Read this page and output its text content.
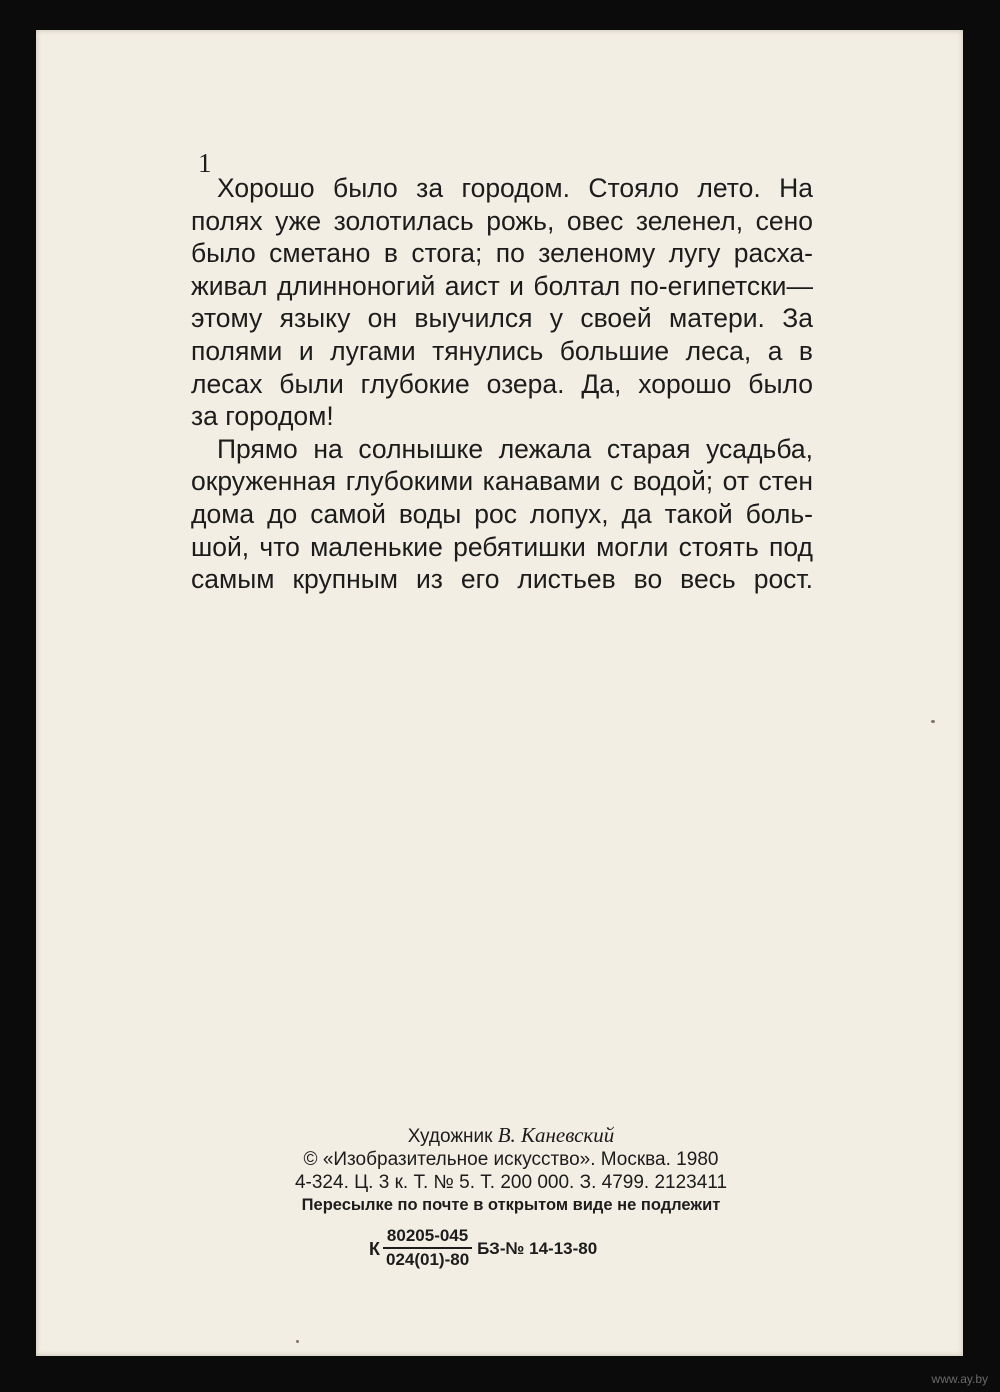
1
Хорошо было за городом. Стояло лето. На
полях уже золотилась рожь, овес зеленел, сено
было сметано в стога; по зеленому лугу расха-
живал длинноногий аист и болтал по-египетски—
этому языку он выучился у своей матери. За
полями и лугами тянулись большие леса, а в
лесах были глубокие озера. Да, хорошо было
за городом!
Прямо на солнышке лежала старая усадьба,
окруженная глубокими канавами с водой; от стен
дома до самой воды рос лопух, да такой боль-
шой, что маленькие ребятишки могли стоять под
самым крупным из его листьев во весь рост.
Художник В. Каневский
© «Изобразительное искусство». Москва. 1980
4-324. Ц. 3 к. Т. № 5. Т. 200 000. З. 4799. 2123411
Пересылке по почте в открытом виде не подлежит
К $\frac{80205-045}{024(01)-80}$ БЗ-№ 14-13-80
www.ay.by
